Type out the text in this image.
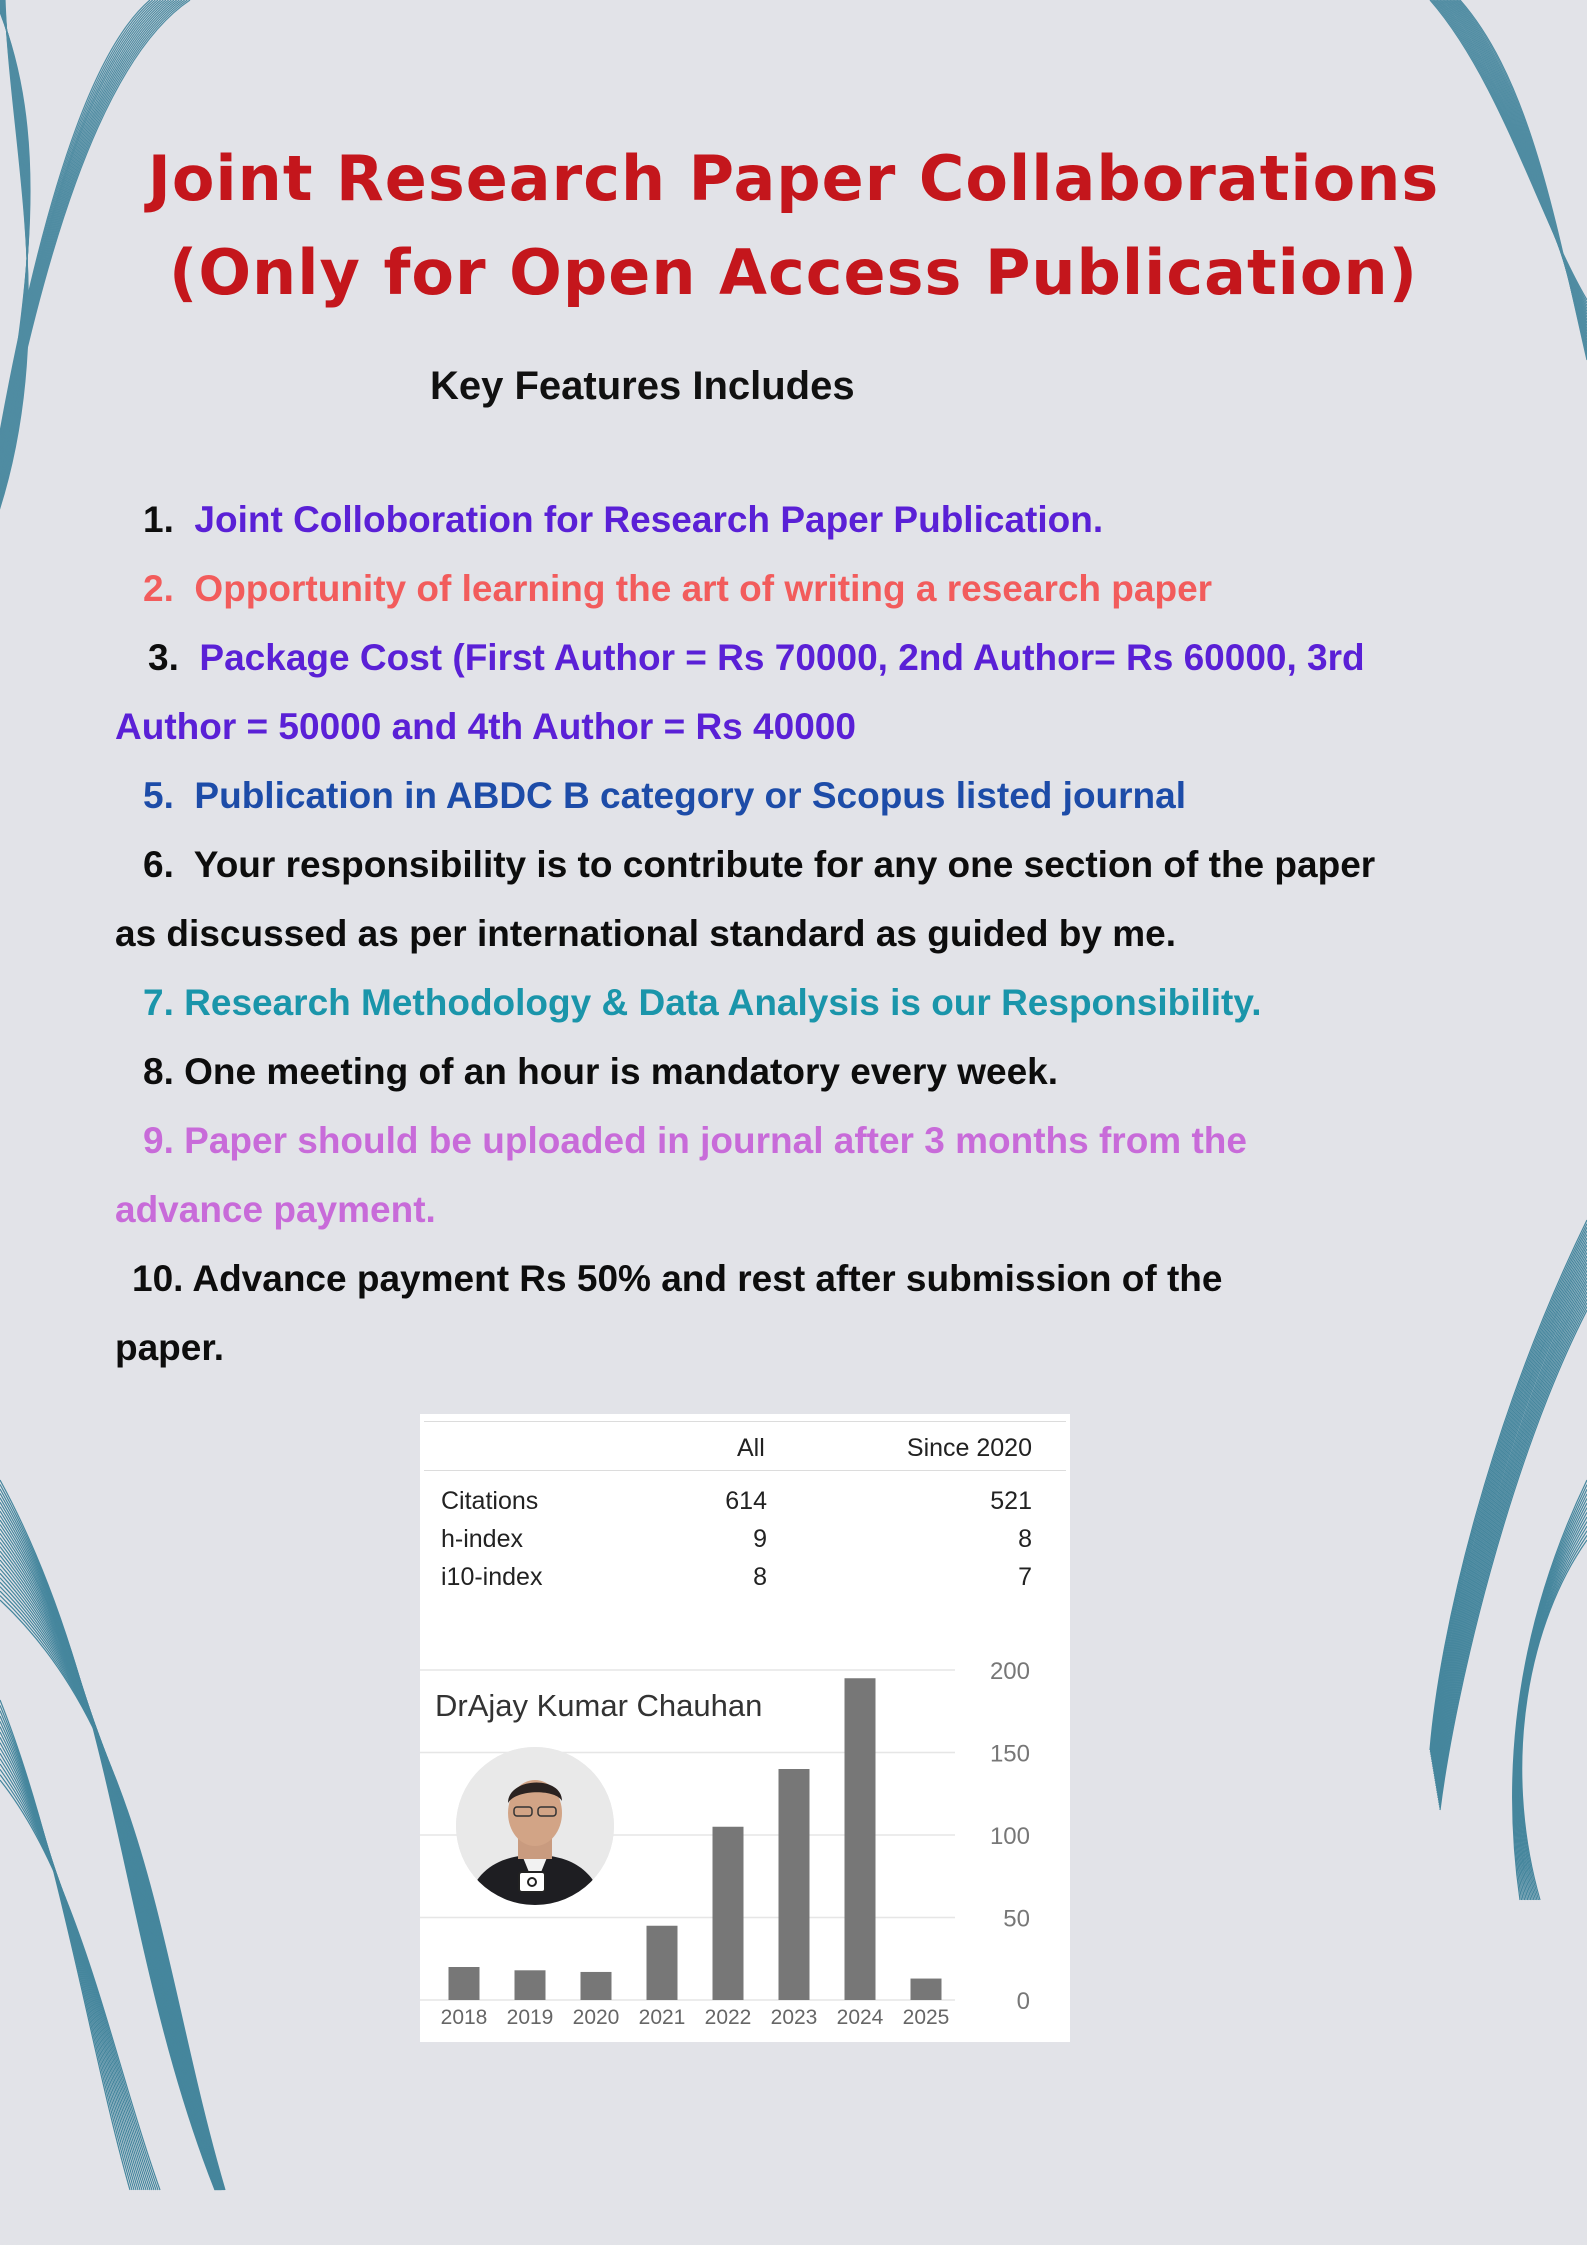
Joint Research Paper Collaborations
(Only for Open Access Publication)
Key Features Includes
1. Joint Colloboration for Research Paper Publication.
2. Opportunity of learning the art of writing a research paper
3. Package Cost (First Author = Rs 70000, 2nd Author= Rs 60000, 3rd
Author = 50000 and 4th Author = Rs 40000
5. Publication in ABDC B category or Scopus listed journal
6. Your responsibility is to contribute for any one section of the paper
as discussed as per international standard as guided by me.
7. Research Methodology & Data Analysis is our Responsibility.
8. One meeting of an hour is mandatory every week.
9. Paper should be uploaded in journal after 3 months from the
advance payment.
10. Advance payment Rs 50% and rest after submission of the
paper.
All	Since 2020
Citations	614	521
h-index	9	8
i10-index	8	7
0
50
100
150
200
2018 2019 2020 2021 2022 2023 2024 2025
DrAjay Kumar Chauhan
